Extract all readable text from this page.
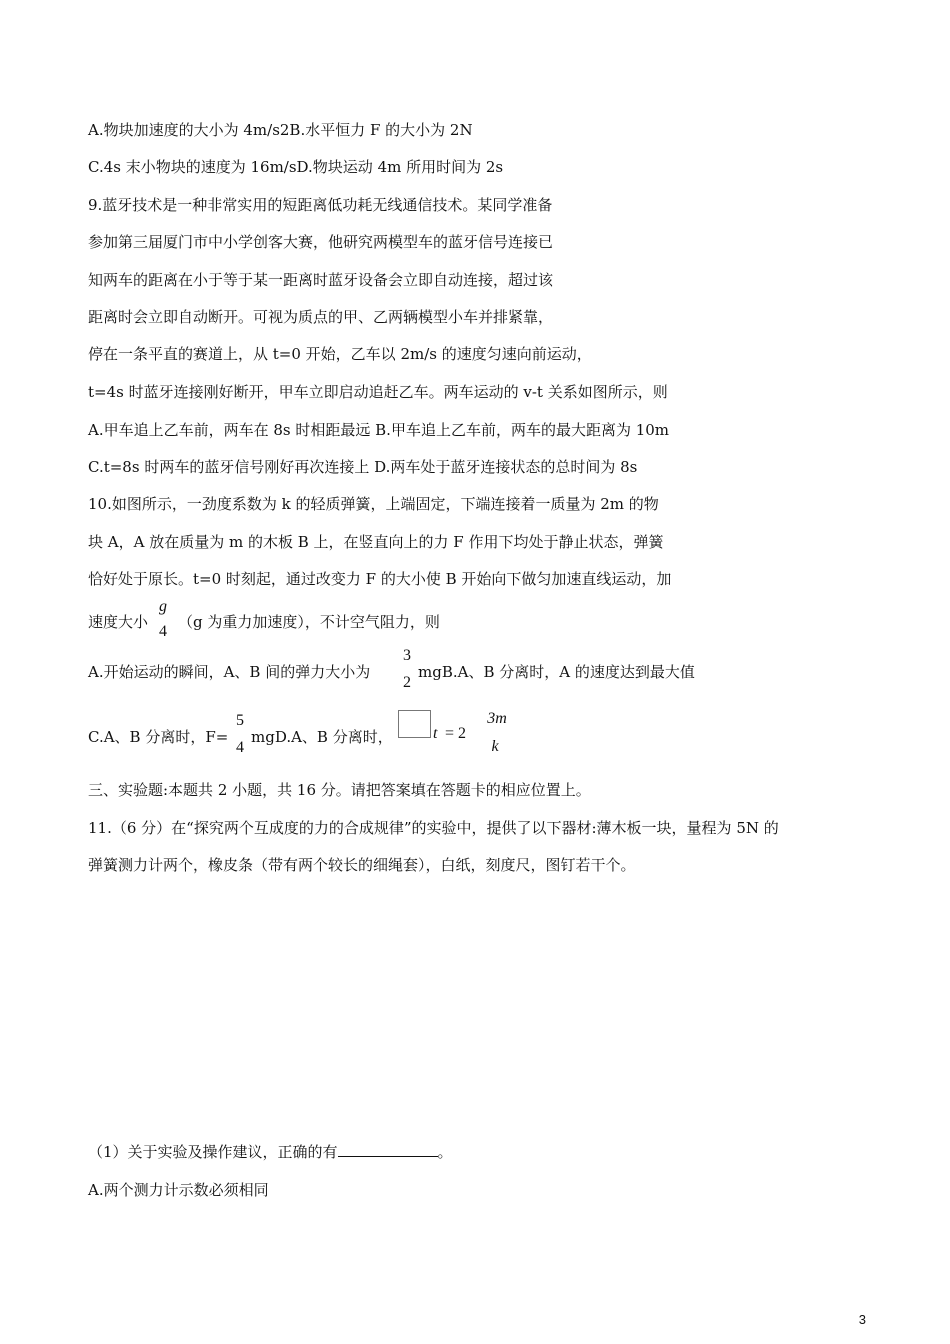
A.物块加速度的大小为 4m/s2B.水平恒力 F 的大小为 2N
C.4s 末小物块的速度为 16m/sD.物块运动 4m 所用时间为 2s
9.蓝牙技术是一种非常实用的短距离低功耗无线通信技术。某同学准备
参加第三届厦门市中小学创客大赛，他研究两模型车的蓝牙信号连接已
知两车的距离在小于等于某一距离时蓝牙设备会立即自动连接，超过该
距离时会立即自动断开。可视为质点的甲、乙两辆模型小车并排紧靠，
停在一条平直的赛道上，从 t=0 开始，乙车以 2m/s 的速度匀速向前运动，
t=4s 时蓝牙连接刚好断开，甲车立即启动追赶乙车。两车运动的 v-t 关系如图所示，则
A.甲车追上乙车前，两车在 8s 时相距最远 B.甲车追上乙车前，两车的最大距离为 10m
C.t=8s 时两车的蓝牙信号刚好再次连接上 D.两车处于蓝牙连接状态的总时间为 8s
10.如图所示，一劲度系数为 k 的轻质弹簧，上端固定，下端连接着一质量为 2m 的物
块 A，A 放在质量为 m 的木板 B 上，在竖直向上的力 F 作用下均处于静止状态，弹簧
恰好处于原长。t=0 时刻起，通过改变力 F 的大小使 B 开始向下做匀加速直线运动，加
速度大小
g
4
（g 为重力加速度），不计空气阻力，则
A.开始运动的瞬间，A、B 间的弹力大小为
3
2
mgB.A、B 分离时，A 的速度达到最大值
C.A、B 分离时，F=
5
4
mgD.A、B 分离时，	t = 2
3m
k
三、实验题:本题共 2 小题，共 16 分。请把答案填在答题卡的相应位置上。
11.（6 分）在“探究两个互成度的力的合成规律”的实验中，提供了以下器材:薄木板一块，量程为 5N 的
弹簧测力计两个，橡皮条（带有两个较长的细绳套），白纸，刻度尺，图钉若干个。
（1）关于实验及操作建议，正确的有	。
A.两个测力计示数必须相同
3
